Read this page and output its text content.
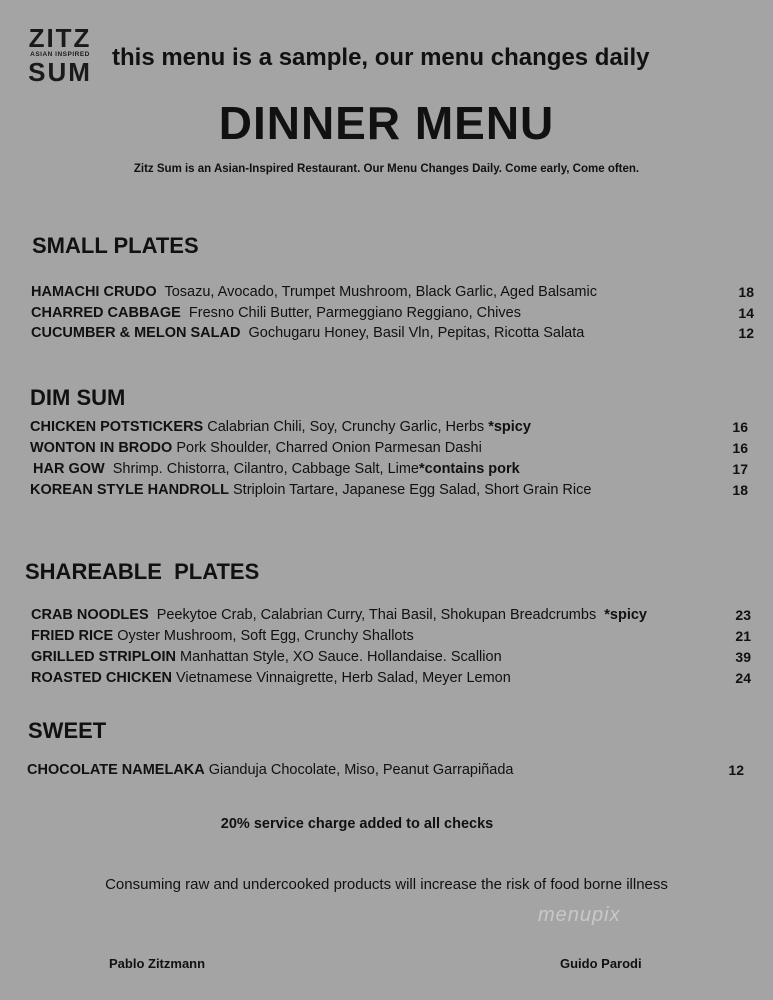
ZITZ
ASIAN INSPIRED
SUM this menu is a sample, our menu changes daily
DINNER MENU
Zitz Sum is an Asian-Inspired Restaurant. Our Menu Changes Daily. Come early, Come often.
SMALL PLATES
HAMACHI CRUDO Tosazu, Avocado, Trumpet Mushroom, Black Garlic, Aged Balsamic	18
CHARRED CABBAGE Fresno Chili Butter, Parmeggiano Reggiano, Chives	14
CUCUMBER & MELON SALAD Gochugaru Honey, Basil Vln, Pepitas, Ricotta Salata	12
DIM SUM
CHICKEN POTSTICKERS Calabrian Chili, Soy, Crunchy Garlic, Herbs *spicy	16
WONTON IN BRODO Pork Shoulder, Charred Onion Parmesan Dashi	16
HAR GOW Shrimp. Chistorra, Cilantro, Cabbage Salt, Lime*contains pork	17
KOREAN STYLE HANDROLL Striploin Tartare, Japanese Egg Salad, Short Grain Rice	18
SHAREABLE  PLATES
CRAB NOODLES Peekytoe Crab, Calabrian Curry, Thai Basil, Shokupan Breadcrumbs *spicy	23
FRIED RICE Oyster Mushroom, Soft Egg, Crunchy Shallots	21
GRILLED STRIPLOIN Manhattan Style, XO Sauce. Hollandaise. Scallion	39
ROASTED CHICKEN Vietnamese Vinnaigrette, Herb Salad, Meyer Lemon	24
SWEET
CHOCOLATE NAMELAKA Gianduja Chocolate, Miso, Peanut Garrapiñada	12
20% service charge added to all checks
Consuming raw and undercooked products will increase the risk of food borne illness
menupix
Pablo Zitzmann	Guido Parodi
